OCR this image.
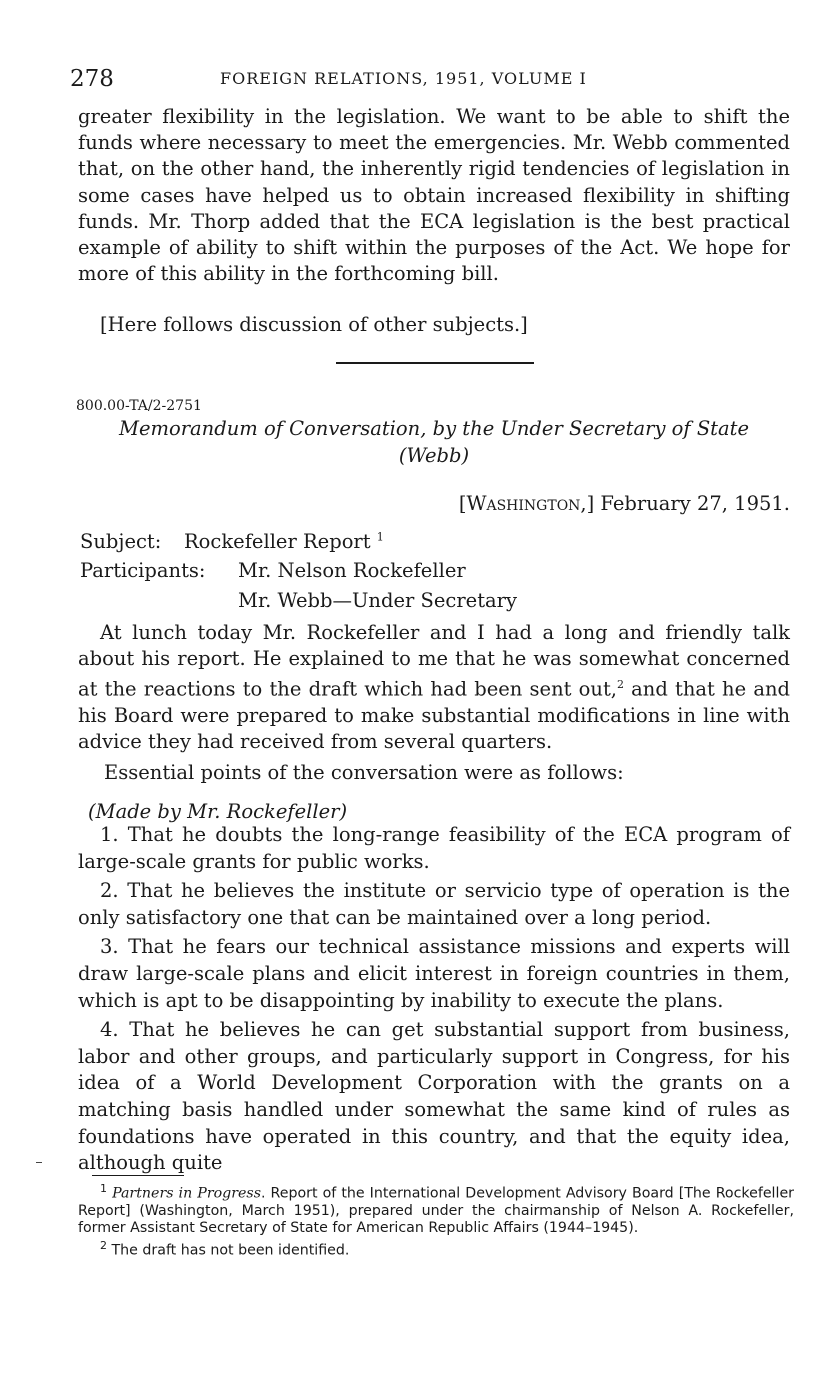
278	FOREIGN RELATIONS, 1951, VOLUME I

greater flexibility in the legislation. We want to be able to shift the funds where necessary to meet the emergencies. Mr. Webb commented that, on the other hand, the inherently rigid tendencies of legislation in some cases have helped us to obtain increased flexibility in shifting funds. Mr. Thorp added that the ECA legislation is the best practical example of ability to shift within the purposes of the Act. We hope for more of this ability in the forthcoming bill.

[Here follows discussion of other subjects.]

800.00-TA/2-2751
Memorandum of Conversation, by the Under Secretary of State
(Webb)
[Washington,] February 27, 1951.
Subject: Rockefeller Report $^1$
Participants: Mr. Nelson Rockefeller
Mr. Webb—Under Secretary

At lunch today Mr. Rockefeller and I had a long and friendly talk about his report. He explained to me that he was somewhat concerned at the reactions to the draft which had been sent out,$^2$ and that he and his Board were prepared to make substantial modifications in line with advice they had received from several quarters.

Essential points of the conversation were as follows:

(Made by Mr. Rockefeller)

1. That he doubts the long-range feasibility of the ECA program of large-scale grants for public works.

2. That he believes the institute or servicio type of operation is the only satisfactory one that can be maintained over a long period.

3. That he fears our technical assistance missions and experts will draw large-scale plans and elicit interest in foreign countries in them, which is apt to be disappointing by inability to execute the plans.

4. That he believes he can get substantial support from business, labor and other groups, and particularly support in Congress, for his idea of a World Development Corporation with the grants on a matching basis handled under somewhat the same kind of rules as foundations have operated in this country, and that the equity idea, although quite

$^1$ Partners in Progress. Report of the International Development Advisory Board [The Rockefeller Report] (Washington, March 1951), prepared under the chairmanship of Nelson A. Rockefeller, former Assistant Secretary of State for American Republic Affairs (1944–1945).

$^2$ The draft has not been identified.
